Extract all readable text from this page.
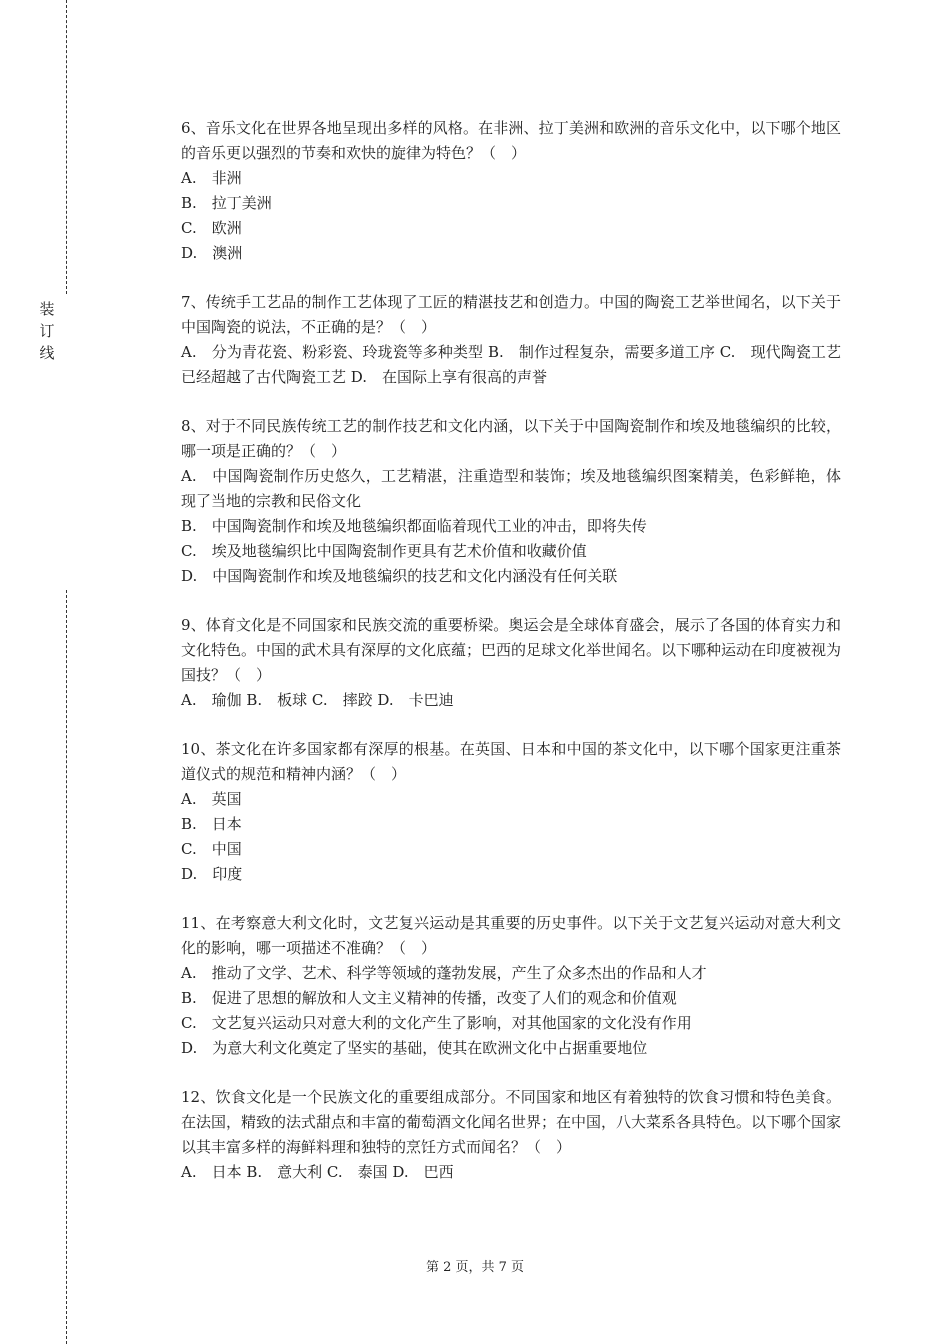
装
订
线
6、音乐文化在世界各地呈现出多样的风格。在非洲、拉丁美洲和欧洲的音乐文化中，以下哪个地区的音乐更以强烈的节奏和欢快的旋律为特色？（　）
A.　非洲
B.　拉丁美洲
C.　欧洲
D.　澳洲
7、传统手工艺品的制作工艺体现了工匠的精湛技艺和创造力。中国的陶瓷工艺举世闻名，以下关于中国陶瓷的说法，不正确的是？（　）
A.　分为青花瓷、粉彩瓷、玲珑瓷等多种类型 B.　制作过程复杂，需要多道工序 C.　现代陶瓷工艺已经超越了古代陶瓷工艺 D.　在国际上享有很高的声誉
8、对于不同民族传统工艺的制作技艺和文化内涵，以下关于中国陶瓷制作和埃及地毯编织的比较，哪一项是正确的？（　）
A.　中国陶瓷制作历史悠久，工艺精湛，注重造型和装饰；埃及地毯编织图案精美，色彩鲜艳，体现了当地的宗教和民俗文化
B.　中国陶瓷制作和埃及地毯编织都面临着现代工业的冲击，即将失传
C.　埃及地毯编织比中国陶瓷制作更具有艺术价值和收藏价值
D.　中国陶瓷制作和埃及地毯编织的技艺和文化内涵没有任何关联
9、体育文化是不同国家和民族交流的重要桥梁。奥运会是全球体育盛会，展示了各国的体育实力和文化特色。中国的武术具有深厚的文化底蕴；巴西的足球文化举世闻名。以下哪种运动在印度被视为国技？（　）
A.　瑜伽 B.　板球 C.　摔跤 D.　卡巴迪
10、茶文化在许多国家都有深厚的根基。在英国、日本和中国的茶文化中，以下哪个国家更注重茶道仪式的规范和精神内涵？（　）
A.　英国
B.　日本
C.　中国
D.　印度
11、在考察意大利文化时，文艺复兴运动是其重要的历史事件。以下关于文艺复兴运动对意大利文化的影响，哪一项描述不准确？（　）
A.　推动了文学、艺术、科学等领域的蓬勃发展，产生了众多杰出的作品和人才
B.　促进了思想的解放和人文主义精神的传播，改变了人们的观念和价值观
C.　文艺复兴运动只对意大利的文化产生了影响，对其他国家的文化没有作用
D.　为意大利文化奠定了坚实的基础，使其在欧洲文化中占据重要地位
12、饮食文化是一个民族文化的重要组成部分。不同国家和地区有着独特的饮食习惯和特色美食。在法国，精致的法式甜点和丰富的葡萄酒文化闻名世界；在中国，八大菜系各具特色。以下哪个国家以其丰富多样的海鲜料理和独特的烹饪方式而闻名？（　）
A.　日本 B.　意大利 C.　泰国 D.　巴西
第 2 页，共 7 页
